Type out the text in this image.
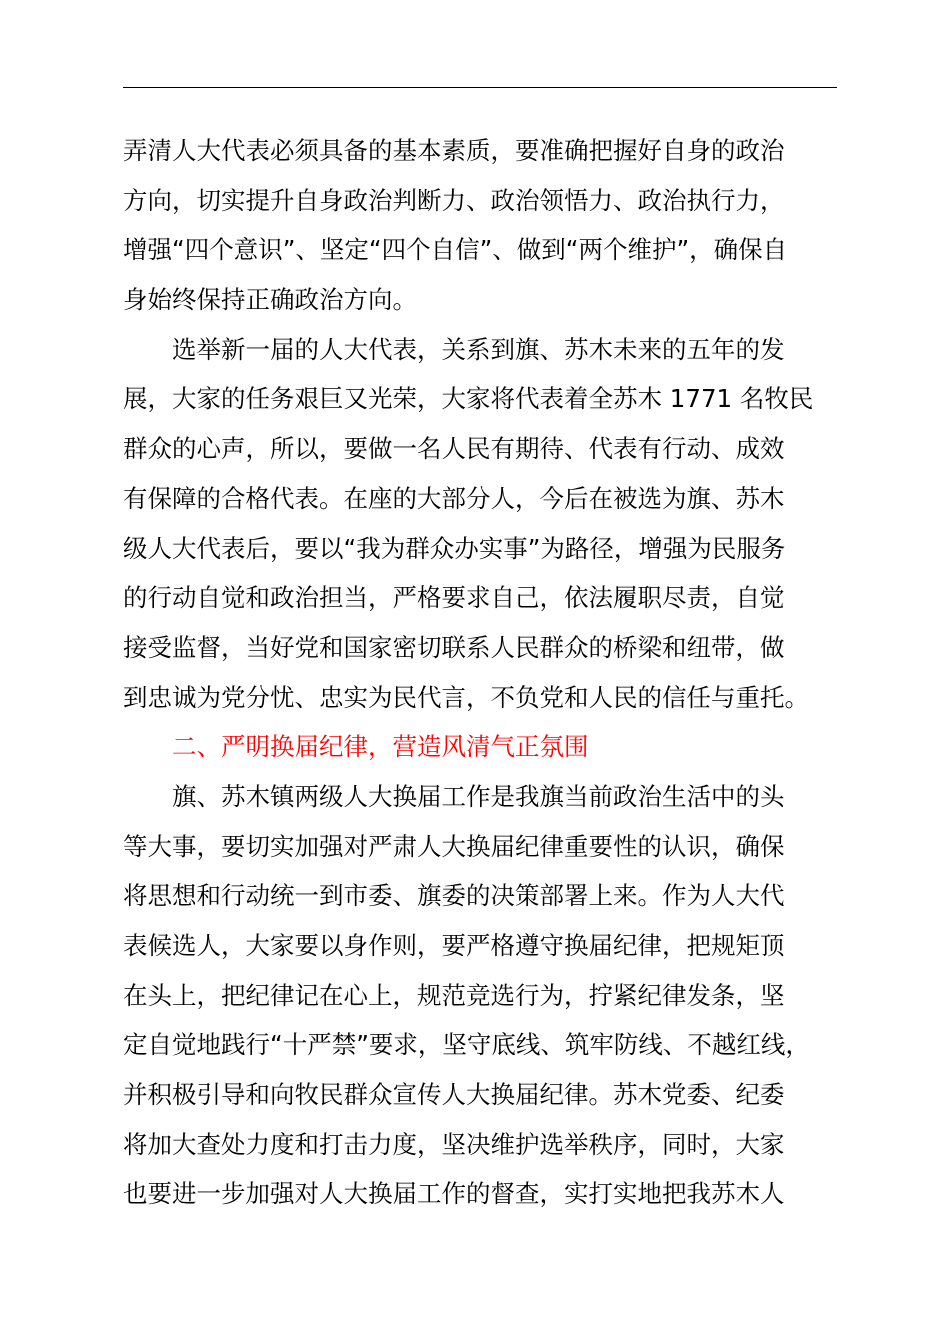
弄清人大代表必须具备的基本素质，要准确把握好自身的政治
方向，切实提升自身政治判断力、政治领悟力、政治执行力，
增强“四个意识”、坚定“四个自信”、做到“两个维护”，确保自
身始终保持正确政治方向。
选举新一届的人大代表，关系到旗、苏木未来的五年的发
展，大家的任务艰巨又光荣，大家将代表着全苏木 1771 名牧民
群众的心声，所以，要做一名人民有期待、代表有行动、成效
有保障的合格代表。在座的大部分人，今后在被选为旗、苏木
级人大代表后，要以“我为群众办实事”为路径，增强为民服务
的行动自觉和政治担当，严格要求自己，依法履职尽责，自觉
接受监督，当好党和国家密切联系人民群众的桥梁和纽带，做
到忠诚为党分忧、忠实为民代言，不负党和人民的信任与重托。
二、严明换届纪律，营造风清气正氛围
旗、苏木镇两级人大换届工作是我旗当前政治生活中的头
等大事，要切实加强对严肃人大换届纪律重要性的认识，确保
将思想和行动统一到市委、旗委的决策部署上来。作为人大代
表候选人，大家要以身作则，要严格遵守换届纪律，把规矩顶
在头上，把纪律记在心上，规范竞选行为，拧紧纪律发条，坚
定自觉地践行“十严禁”要求，坚守底线、筑牢防线、不越红线，
并积极引导和向牧民群众宣传人大换届纪律。苏木党委、纪委
将加大查处力度和打击力度，坚决维护选举秩序，同时，大家
也要进一步加强对人大换届工作的督查，实打实地把我苏木人
